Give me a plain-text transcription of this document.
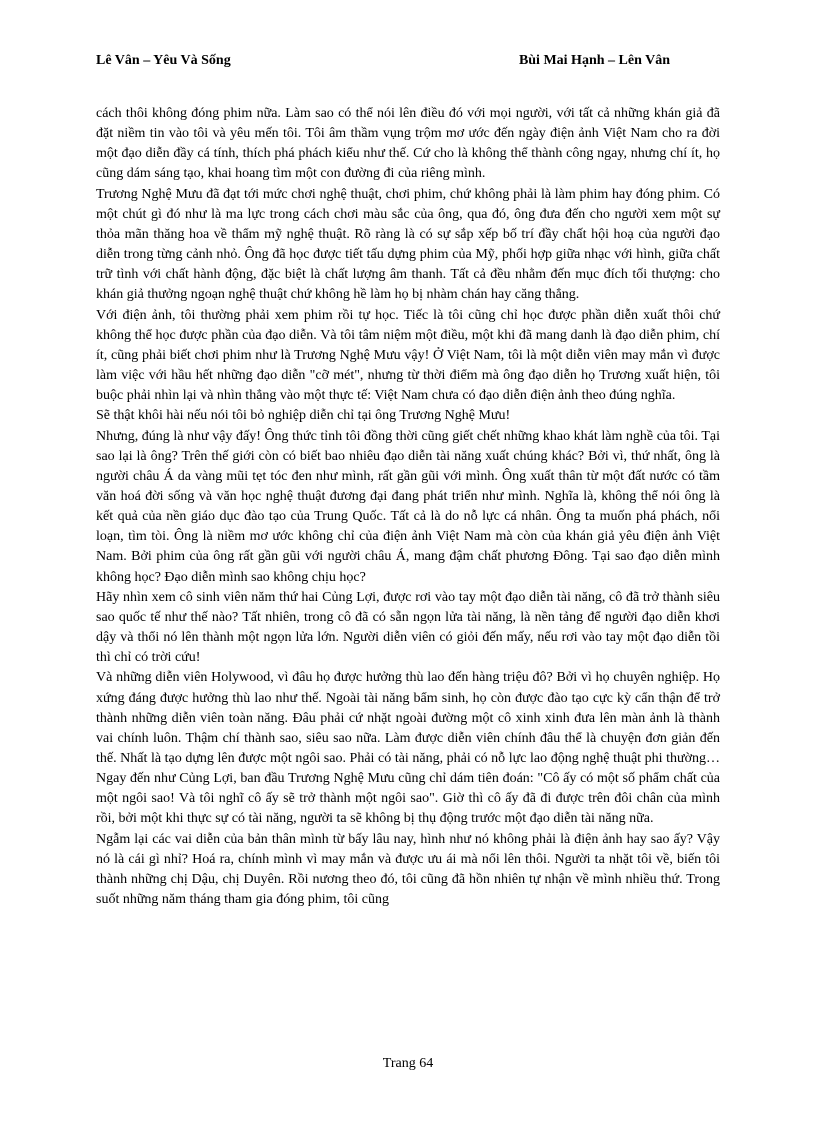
Lê Vân – Yêu Và Sống	Bùi Mai Hạnh – Lên Vân

cách thôi không đóng phim nữa. Làm sao có thể nói lên điều đó với mọi người, với tất cả những khán giả đã đặt niềm tin vào tôi và yêu mến tôi. Tôi âm thầm vụng trộm mơ ước đến ngày điện ảnh Việt Nam cho ra đời một đạo diễn đầy cá tính, thích phá phách kiểu như thế. Cứ cho là không thể thành công ngay, nhưng chí ít, họ cũng dám sáng tạo, khai hoang tìm một con đường đi của riêng mình.

Trương Nghệ Mưu đã đạt tới mức chơi nghệ thuật, chơi phim, chứ không phải là làm phim hay đóng phim. Có một chút gì đó như là ma lực trong cách chơi màu sắc của ông, qua đó, ông đưa đến cho người xem một sự thỏa mãn thăng hoa về thẩm mỹ nghệ thuật. Rõ ràng là có sự sắp xếp bố trí đầy chất hội hoạ của người đạo diễn trong từng cảnh nhỏ. Ông đã học được tiết tấu dựng phim của Mỹ, phối hợp giữa nhạc với hình, giữa chất trữ tình với chất hành động, đặc biệt là chất lượng âm thanh. Tất cả đều nhằm đến mục đích tối thượng: cho khán giả thưởng ngoạn nghệ thuật chứ không hề làm họ bị nhàm chán hay căng thẳng.

Với điện ảnh, tôi thường phải xem phim rồi tự học. Tiếc là tôi cũng chỉ học được phần diễn xuất thôi chứ không thể học được phần của đạo diễn. Và tôi tâm niệm một điều, một khi đã mang danh là đạo diễn phim, chí ít, cũng phải biết chơi phim như là Trương Nghệ Mưu vậy! Ở Việt Nam, tôi là một diễn viên may mắn vì được làm việc với hầu hết những đạo diễn "cỡ mét", nhưng từ thời điểm mà ông đạo diễn họ Trương xuất hiện, tôi buộc phải nhìn lại và nhìn thẳng vào một thực tế: Việt Nam chưa có đạo diễn điện ảnh theo đúng nghĩa.

Sẽ thật khôi hài nếu nói tôi bỏ nghiệp diễn chỉ tại ông Trương Nghệ Mưu!

Nhưng, đúng là như vậy đấy! Ông thức tỉnh tôi đồng thời cũng giết chết những khao khát làm nghề của tôi. Tại sao lại là ông? Trên thế giới còn có biết bao nhiêu đạo diễn tài năng xuất chúng khác? Bởi vì, thứ nhất, ông là người châu Á da vàng mũi tẹt tóc đen như mình, rất gần gũi với mình. Ông xuất thân từ một đất nước có tầm văn hoá đời sống và văn học nghệ thuật đương đại đang phát triển như mình. Nghĩa là, không thể nói ông là kết quả của nền giáo dục đào tạo của Trung Quốc. Tất cả là do nỗ lực cá nhân. Ông ta muốn phá phách, nổi loạn, tìm tòi. Ông là niềm mơ ước không chỉ của điện ảnh Việt Nam mà còn của khán giả yêu điện ảnh Việt Nam. Bởi phim của ông rất gần gũi với người châu Á, mang đậm chất phương Đông. Tại sao đạo diễn mình không học? Đạo diễn mình sao không chịu học?

Hãy nhìn xem cô sinh viên năm thứ hai Củng Lợi, được rơi vào tay một đạo diễn tài năng, cô đã trở thành siêu sao quốc tế như thế nào? Tất nhiên, trong cô đã có sẵn ngọn lửa tài năng, là nền tảng để người đạo diễn khơi dậy và thổi nó lên thành một ngọn lửa lớn. Người diễn viên có giỏi đến mấy, nếu rơi vào tay một đạo diễn tồi thì chỉ có trời cứu!

Và những diễn viên Holywood, vì đâu họ được hưởng thù lao đến hàng triệu đô? Bởi vì họ chuyên nghiệp. Họ xứng đáng được hưởng thù lao như thế. Ngoài tài năng bẩm sinh, họ còn được đào tạo cực kỳ cẩn thận để trở thành những diễn viên toàn năng. Đâu phải cứ nhặt ngoài đường một cô xinh xinh đưa lên màn ảnh là thành vai chính luôn. Thậm chí thành sao, siêu sao nữa. Làm được diễn viên chính đâu thể là chuyện đơn giản đến thế. Nhất là tạo dựng lên được một ngôi sao. Phải có tài năng, phải có nỗ lực lao động nghệ thuật phi thường… Ngay đến như Củng Lợi, ban đầu Trương Nghệ Mưu cũng chỉ dám tiên đoán: "Cô ấy có một số phẩm chất của một ngôi sao! Và tôi nghĩ cô ấy sẽ trở thành một ngôi sao". Giờ thì cô ấy đã đi được trên đôi chân của mình rồi, bởi một khi thực sự có tài năng, người ta sẽ không bị thụ động trước một đạo diễn tài năng nữa.

Ngẫm lại các vai diễn của bản thân mình từ bấy lâu nay, hình như nó không phải là điện ảnh hay sao ấy? Vậy nó là cái gì nhỉ? Hoá ra, chính mình vì may mắn và được ưu ái mà nổi lên thôi. Người ta nhặt tôi về, biến tôi thành những chị Dậu, chị Duyên. Rồi nương theo đó, tôi cũng đã hồn nhiên tự nhận về mình nhiều thứ. Trong suốt những năm tháng tham gia đóng phim, tôi cũng

Trang 64
